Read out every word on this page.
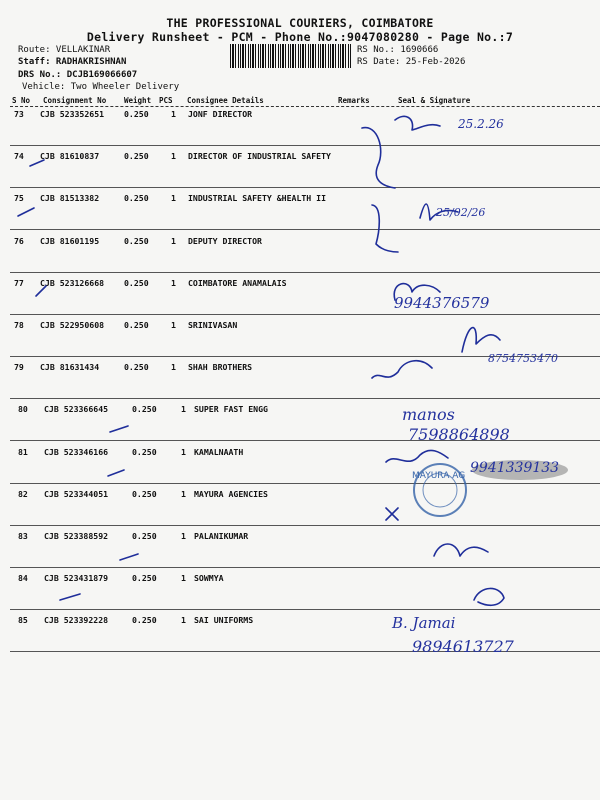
THE PROFESSIONAL COURIERS, COIMBATORE
Delivery Runsheet - PCM - Phone No.:9047080280 - Page No.:7
Route: VELLAKINAR
Staff: RADHAKRISHNAN
DRS No.: DCJB169066607
Vehicle: Two Wheeler Delivery
RS No.: 1690666
RS Date: 25-Feb-2026
S No Consignment No Weight PCS Consignee Details	Remarks	Seal & Signature
73 CJB 523352651 0.250	1 JONF DIRECTOR
74 CJB 81610837	0.250	1 DIRECTOR OF INDUSTRIAL SAFETY
75 CJB 81513382	0.250	1 INDUSTRIAL SAFETY &HEALTH II
76 CJB 81601195	0.250	1 DEPUTY DIRECTOR
77 CJB 523126668 0.250	1 COIMBATORE ANAMALAIS
78 CJB 522950608 0.250	1 SRINIVASAN
79 CJB 81631434	0.250	1 SHAH BROTHERS
80 CJB 523366645	0.250	1 SUPER FAST ENGG
81 CJB 523346166	0.250	1 KAMALNAATH
82 CJB 523344051	0.250	1 MAYURA AGENCIES
83 CJB 523388592	0.250	1 PALANIKUMAR
84 CJB 523431879	0.250	1 SOWMYA
85 CJB 523392228	0.250	1 SAI UNIFORMS
MAYURA AG
25.2.26
25/02/26
9944376579
8754753470
manos
7598864898
9941339133
B. Jamai
9894613727
